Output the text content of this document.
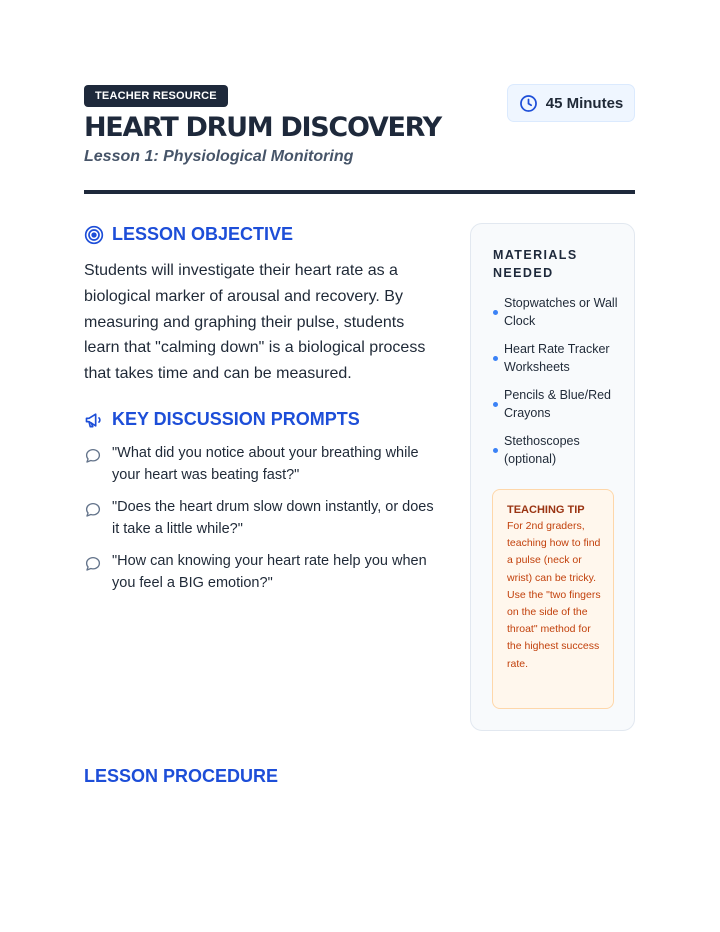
TEACHER RESOURCE	45 Minutes
HEART DRUM DISCOVERY
Lesson 1: Physiological Monitoring
LESSON OBJECTIVE

Students will investigate their heart rate as a biological marker of arousal and recovery. By measuring and graphing their pulse, students learn that "calming down" is a biological process that takes time and can be measured.

KEY DISCUSSION PROMPTS
"What did you notice about your breathing while your heart was beating fast?"
"Does the heart drum slow down instantly, or does it take a little while?"
"How can knowing your heart rate help you when you feel a BIG emotion?"
MATERIALS NEEDED
Stopwatches or Wall Clock
Heart Rate Tracker Worksheets
Pencils & Blue/Red Crayons
Stethoscopes (optional)
TEACHING TIP
For 2nd graders, teaching how to find a pulse (neck or wrist) can be tricky. Use the "two fingers on the side of the throat" method for the highest success rate.
LESSON PROCEDURE
